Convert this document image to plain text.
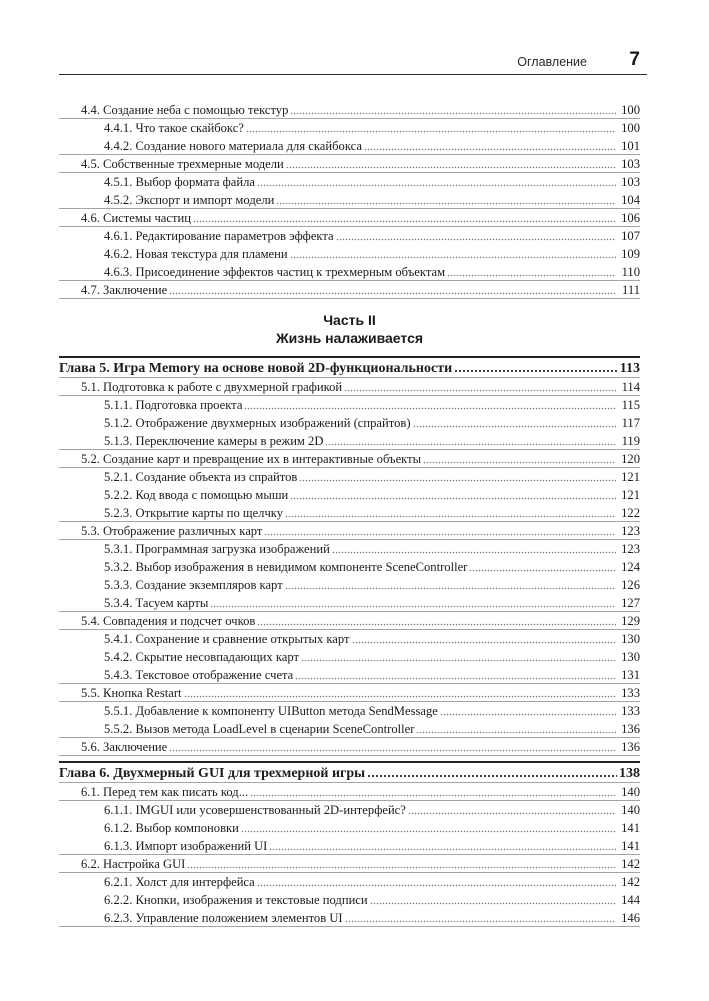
Оглавление 7
4.4. Создание неба с помощью текстур	100
4.4.1. Что такое скайбокс?	100
4.4.2. Создание нового материала для скайбокса	101
4.5. Собственные трехмерные модели	103
4.5.1. Выбор формата файла	103
4.5.2. Экспорт и импорт модели	104
4.6. Системы частиц	106
4.6.1. Редактирование параметров эффекта	107
4.6.2. Новая текстура для пламени	109
4.6.3. Присоединение эффектов частиц к трехмерным объектам	110
4.7. Заключение	111
Часть II
Жизнь налаживается
Глава 5. Игра Memory на основе новой 2D-функциональности	113
5.1. Подготовка к работе с двухмерной графикой	114
5.1.1. Подготовка проекта	115
5.1.2. Отображение двухмерных изображений (спрайтов)	117
5.1.3. Переключение камеры в режим 2D	119
5.2. Создание карт и превращение их в интерактивные объекты	120
5.2.1. Создание объекта из спрайтов	121
5.2.2. Код ввода с помощью мыши	121
5.2.3. Открытие карты по щелчку	122
5.3. Отображение различных карт	123
5.3.1. Программная загрузка изображений	123
5.3.2. Выбор изображения в невидимом компоненте SceneController	124
5.3.3. Создание экземпляров карт	126
5.3.4. Тасуем карты	127
5.4. Совпадения и подсчет очков	129
5.4.1. Сохранение и сравнение открытых карт	130
5.4.2. Скрытие несовпадающих карт	130
5.4.3. Текстовое отображение счета	131
5.5. Кнопка Restart	133
5.5.1. Добавление к компоненту UIButton метода SendMessage	133
5.5.2. Вызов метода LoadLevel в сценарии SceneController	136
5.6. Заключение	136
Глава 6. Двухмерный GUI для трехмерной игры	138
6.1. Перед тем как писать код...	140
6.1.1. IMGUI или усовершенствованный 2D-интерфейс?	140
6.1.2. Выбор компоновки	141
6.1.3. Импорт изображений UI	141
6.2. Настройка GUI	142
6.2.1. Холст для интерфейса	142
6.2.2. Кнопки, изображения и текстовые подписи	144
6.2.3. Управление положением элементов UI	146
